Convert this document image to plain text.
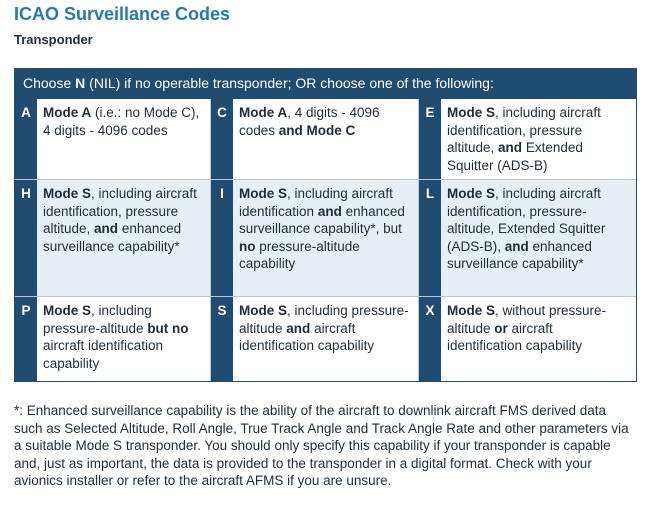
ICAO Surveillance Codes
Transponder
Choose N (NIL) if no operable transponder; OR choose one of the following:
A Mode A (i.e.: no Mode C), 4 digits - 4096 codes
C Mode A, 4 digits - 4096 codes and Mode C
E Mode S, including aircraft identification, pressure altitude, and Extended Squitter (ADS-B)
H Mode S, including aircraft identification, pressure altitude, and enhanced surveillance capability*
I	Mode S, including aircraft identification and enhanced surveillance capability*, but no pressure-altitude capability
L Mode S, including aircraft identification, pressure-altitude, Extended Squitter (ADS-B), and enhanced surveillance capability*
P Mode S, including pressure-altitude but no aircraft identification capability
S Mode S, including pressure-altitude and aircraft identification capability
X Mode S, without pressure-altitude or aircraft identification capability
*: Enhanced surveillance capability is the ability of the aircraft to downlink aircraft FMS derived data such as Selected Altitude, Roll Angle, True Track Angle and Track Angle Rate and other parameters via a suitable Mode S transponder. You should only specify this capability if your transponder is capable and, just as important, the data is provided to the transponder in a digital format. Check with your avionics installer or refer to the aircraft AFMS if you are unsure.
